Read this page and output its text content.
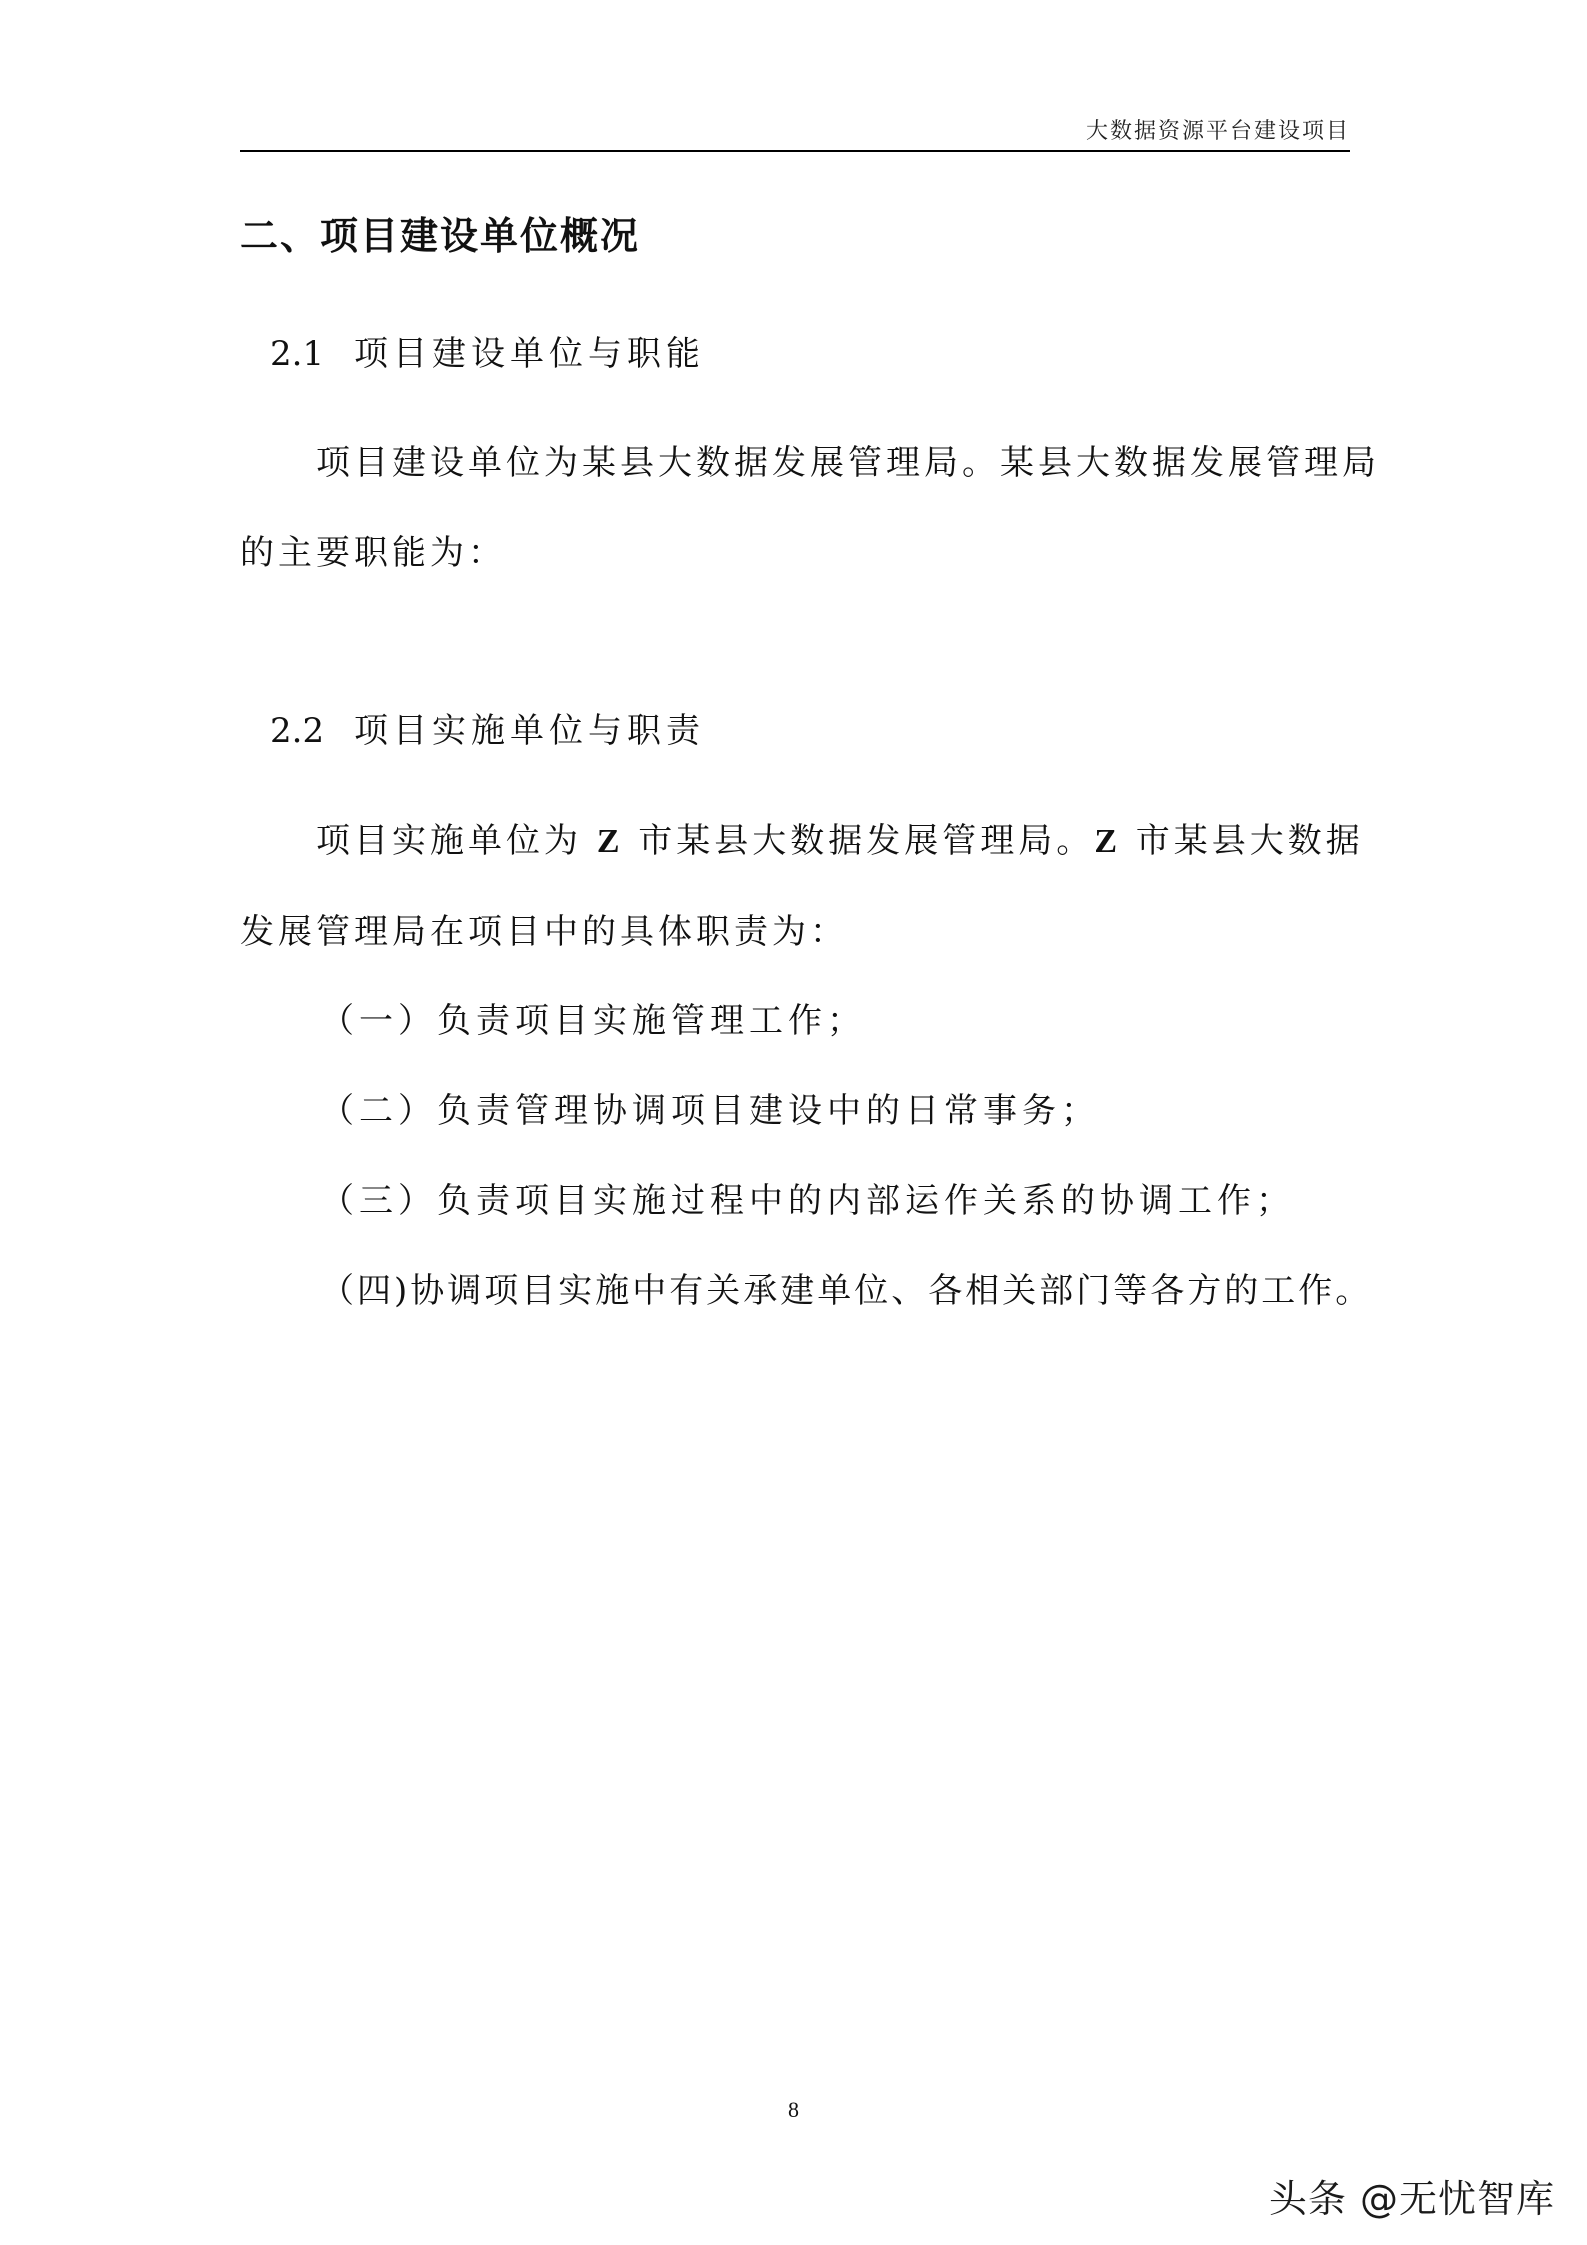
大数据资源平台建设项目
二、项目建设单位概况
2.1 项目建设单位与职能
项目建设单位为某县大数据发展管理局。某县大数据发展管理局
的主要职能为：
2.2 项目实施单位与职责
项目实施单位为 Z 市某县大数据发展管理局。Z 市某县大数据
发展管理局在项目中的具体职责为：
（一）负责项目实施管理工作；
（二）负责管理协调项目建设中的日常事务；
（三）负责项目实施过程中的内部运作关系的协调工作；
（四)协调项目实施中有关承建单位、各相关部门等各方的工作。
8
头条 @无忧智库
